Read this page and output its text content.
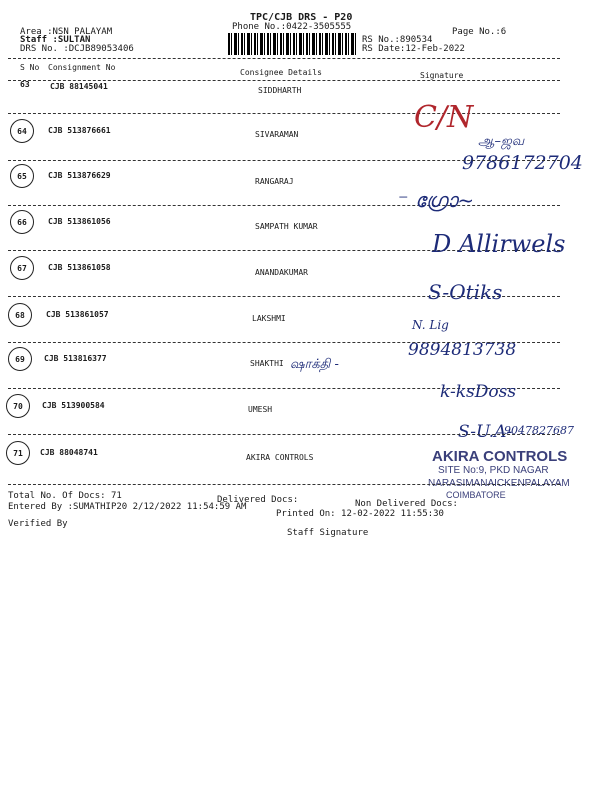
Area :NSN PALAYAM
Staff :SULTAN
DRS No. :DCJB89053406
TPC/CJB DRS - P20
Phone No.:0422-3505555	Page No.:6
RS No.:890534
RS Date:12-Feb-2022
S No Consignment No
Consignee Details	Signature
63	CJB 88145041	SIDDHARTH
64	CJB 513876661	SIVARAMAN	C/N
ஆ–ஜவ
9786172704
65	CJB 513876629
RANGARAJ
66	CJB 513861056
SAMPATH KUMAR
⁻ ഗ്രോ~
67	CJB 513861058
ANANDAKUMAR
D Allirwels
68	CJB 513861057	LAKSHMI
S-Otiks
N. Lig
9894813738
69	CJB 513816377
SHAKTHI ஷாக்தி -
70	CJB 513900584	UMESH
k-ksDoss
S-U.A-
9047827687
71	CJB 88048741
AKIRA CONTROLS	AKIRA CONTROLS
SITE No:9, PKD NAGAR
NARASIMANAICKENPALAYAM
COIMBATORE
Total No. Of Docs: 71	Delivered Docs:	Non Delivered Docs:
Entered By :SUMATHIP20 2/12/2022 11:54:59 AM
Printed On: 12-02-2022 11:55:30
Verified By
Staff Signature
